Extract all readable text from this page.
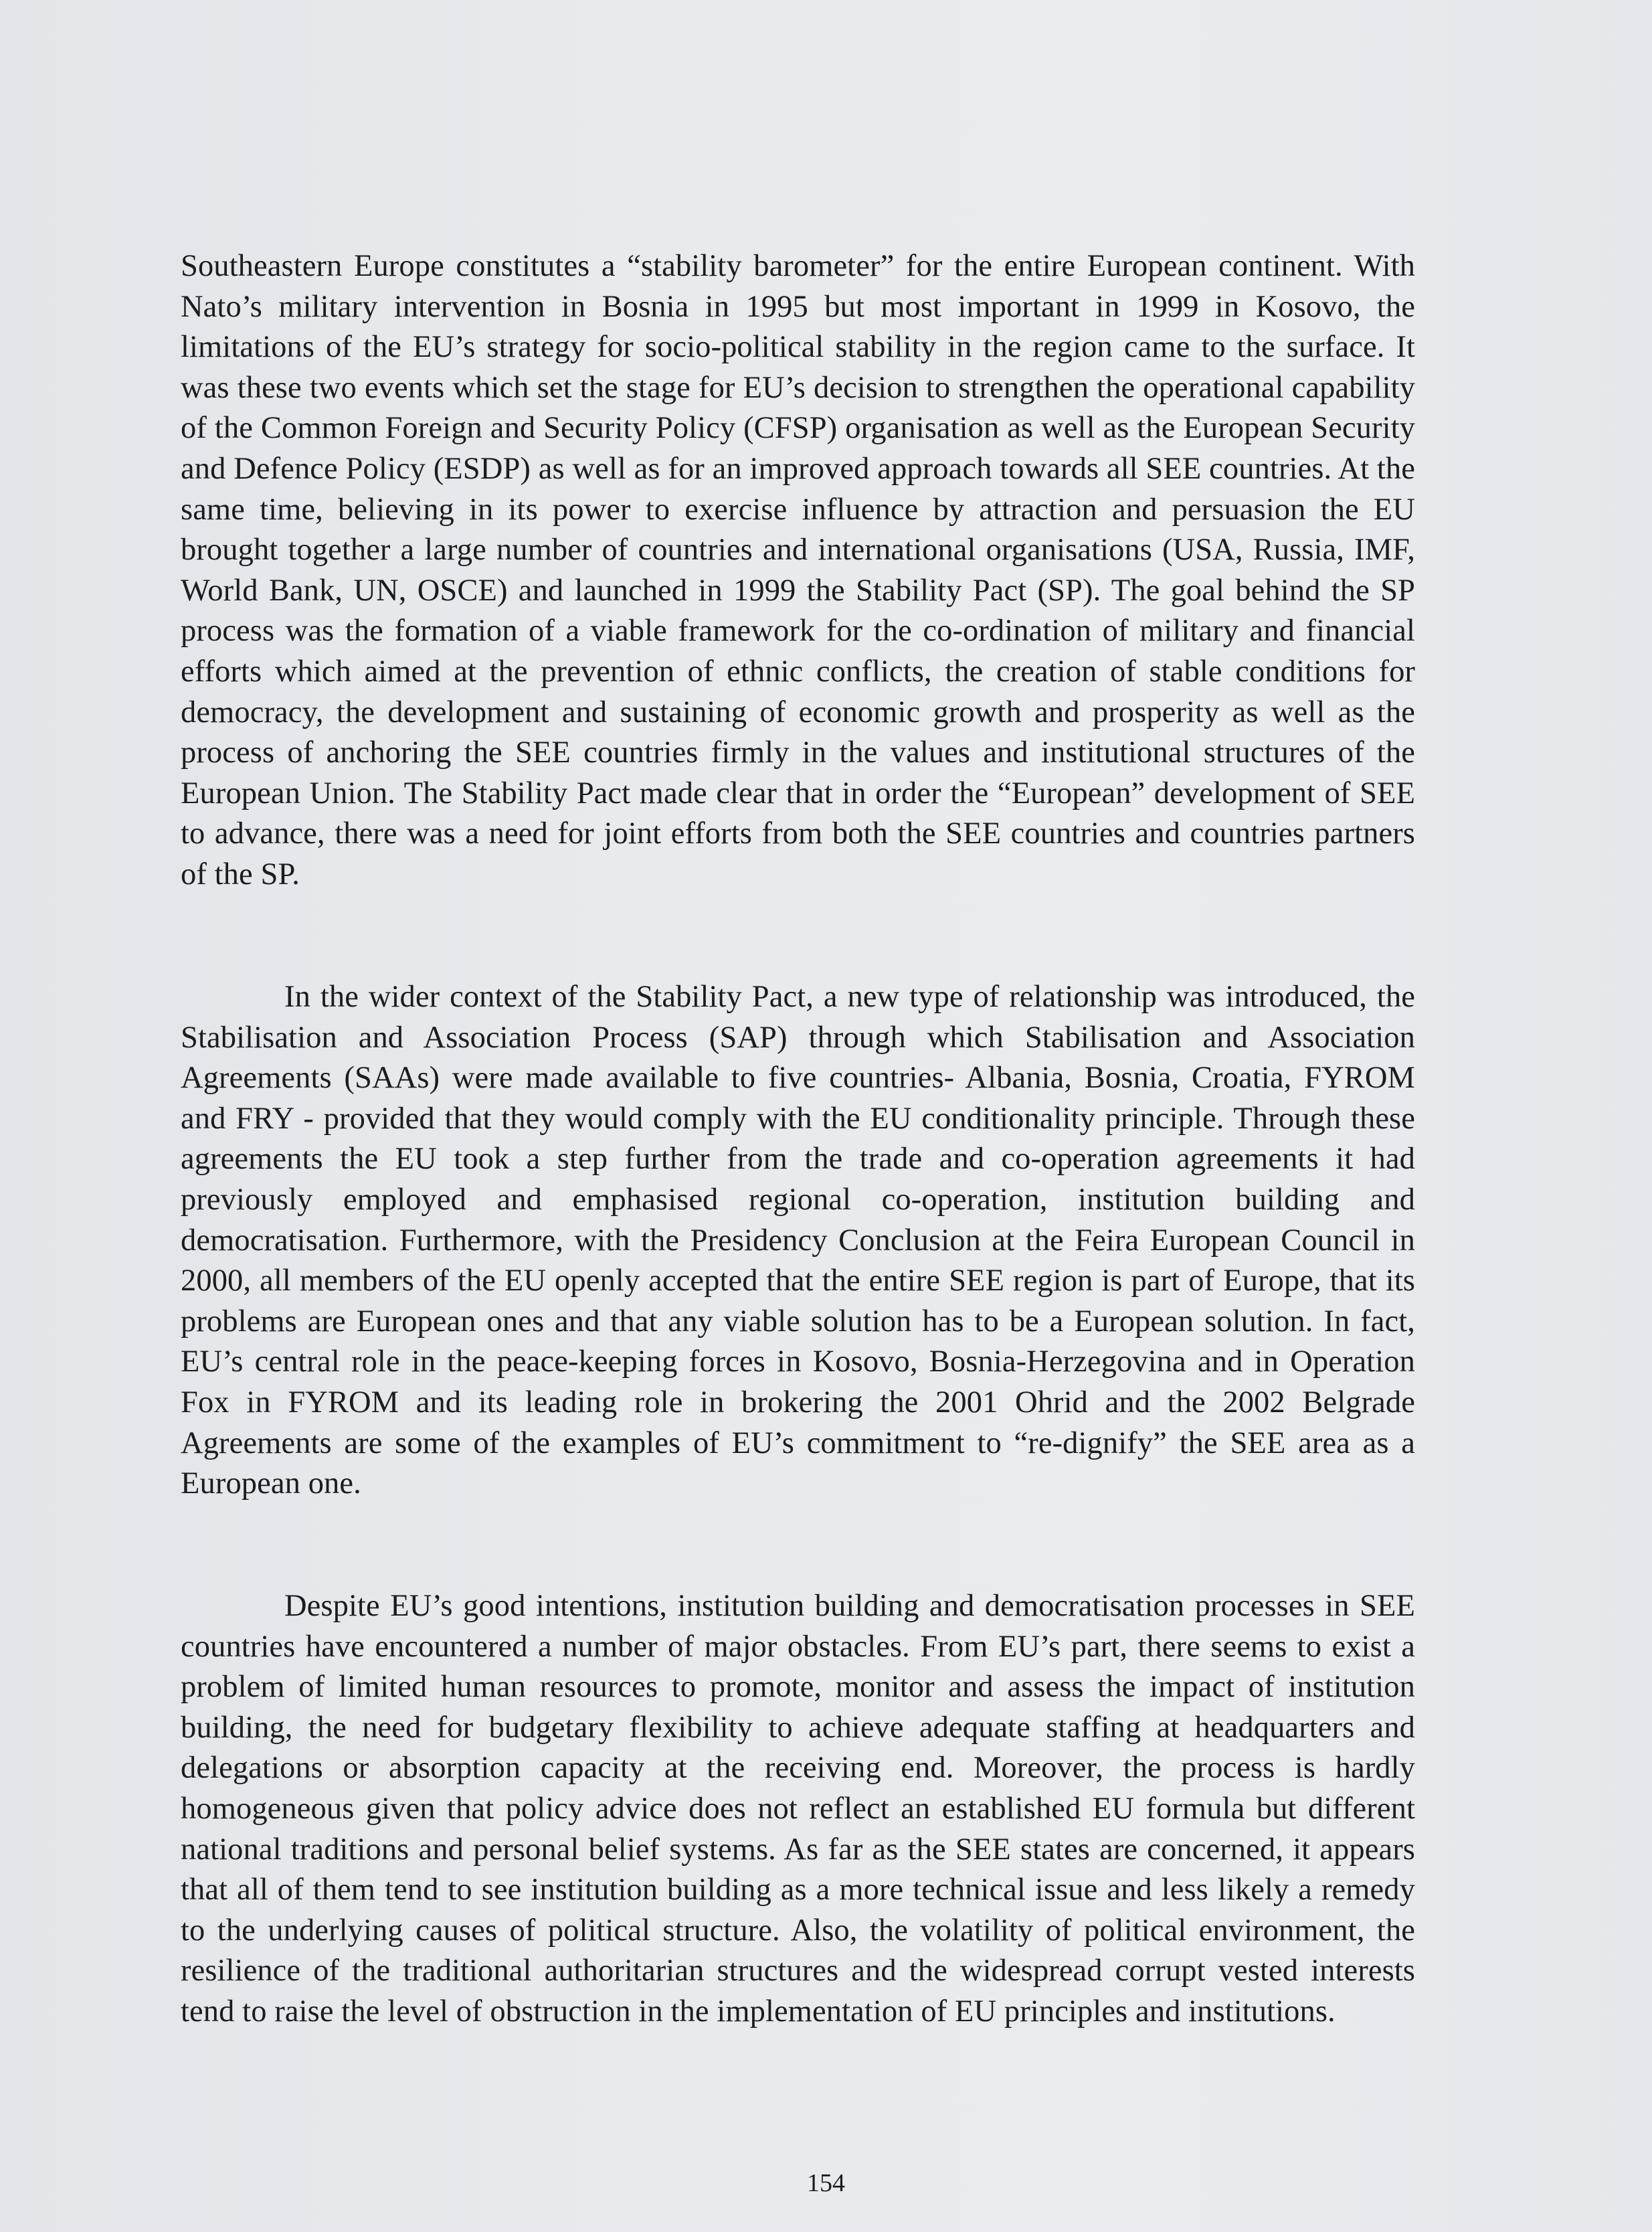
Southeastern Europe constitutes a “stability barometer” for the entire European continent. With Nato’s military intervention in Bosnia in 1995 but most important in 1999 in Kosovo, the limitations of the EU’s strategy for socio-political stability in the region came to the surface. It was these two events which set the stage for EU’s decision to strengthen the operational capability of the Common Foreign and Security Policy (CFSP) organisation as well as the European Security and Defence Policy (ESDP) as well as for an improved approach towards all SEE countries. At the same time, believing in its power to exercise influence by attraction and persuasion the EU brought together a large number of countries and international organisations (USA, Russia, IMF, World Bank, UN, OSCE) and launched in 1999 the Stability Pact (SP). The goal behind the SP process was the formation of a viable framework for the co-ordination of military and financial efforts which aimed at the prevention of ethnic conflicts, the creation of stable conditions for democracy, the development and sustaining of economic growth and prosperity as well as the process of anchoring the SEE countries firmly in the values and institutional structures of the European Union. The Stability Pact made clear that in order the “European” development of SEE to advance, there was a need for joint efforts from both the SEE countries and countries partners of the SP.

In the wider context of the Stability Pact, a new type of relationship was introduced, the Stabilisation and Association Process (SAP) through which Stabilisation and Association Agreements (SAAs) were made available to five countries- Albania, Bosnia, Croatia, FYROM and FRY - provided that they would comply with the EU conditionality principle. Through these agreements the EU took a step further from the trade and co-operation agreements it had previously employed and emphasised regional co-operation, institution building and democratisation. Furthermore, with the Presidency Conclusion at the Feira European Council in 2000, all members of the EU openly accepted that the entire SEE region is part of Europe, that its problems are European ones and that any viable solution has to be a European solution. In fact, EU’s central role in the peace-keeping forces in Kosovo, Bosnia-Herzegovina and in Operation Fox in FYROM and its leading role in brokering the 2001 Ohrid and the 2002 Belgrade Agreements are some of the examples of EU’s commitment to “re-dignify” the SEE area as a European one.

Despite EU’s good intentions, institution building and democratisation processes in SEE countries have encountered a number of major obstacles. From EU’s part, there seems to exist a problem of limited human resources to promote, monitor and assess the impact of institution building, the need for budgetary flexibility to achieve adequate staffing at headquarters and delegations or absorption capacity at the receiving end. Moreover, the process is hardly homogeneous given that policy advice does not reflect an established EU formula but different national traditions and personal belief systems. As far as the SEE states are concerned, it appears that all of them tend to see institution building as a more technical issue and less likely a remedy to the underlying causes of political structure. Also, the volatility of political environment, the resilience of the traditional authoritarian structures and the widespread corrupt vested interests tend to raise the level of obstruction in the implementation of EU principles and institutions.

154
